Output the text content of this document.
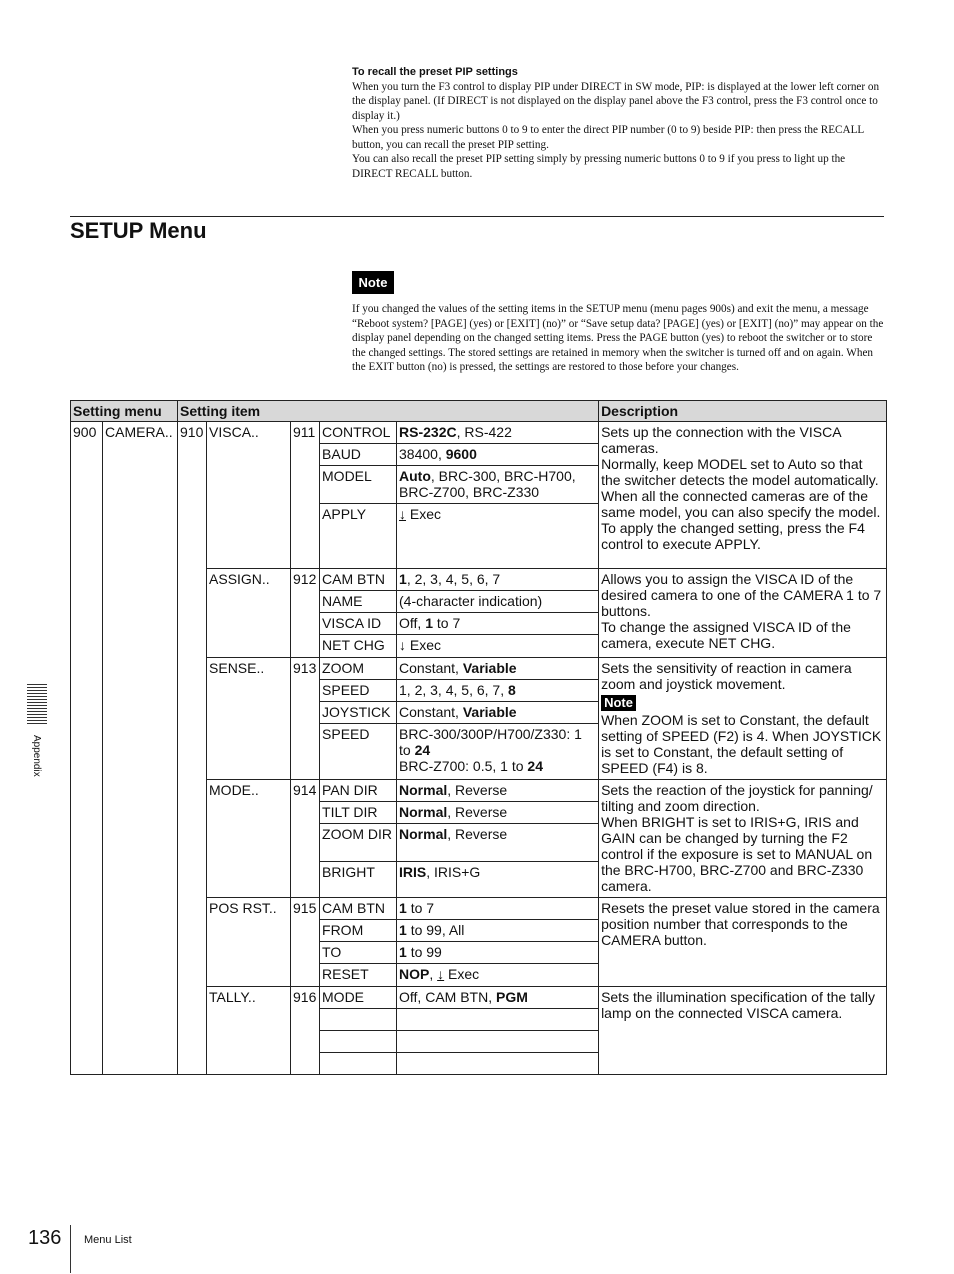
To recall the preset PIP settings
When you turn the F3 control to display PIP under DIRECT in SW mode, PIP: is displayed at the lower left corner on the display panel. (If DIRECT is not displayed on the display panel above the F3 control, press the F3 control once to display it.)
When you press numeric buttons 0 to 9 to enter the direct PIP number (0 to 9) beside PIP: then press the RECALL button, you can recall the preset PIP setting.
You can also recall the preset PIP setting simply by pressing numeric buttons 0 to 9 if you press to light up the DIRECT RECALL button.
SETUP Menu
Note
If you changed the values of the setting items in the SETUP menu (menu pages 900s) and exit the menu, a message “Reboot system? [PAGE] (yes) or [EXIT] (no)” or “Save setup data? [PAGE] (yes) or [EXIT] (no)” may appear on the display panel depending on the changed setting items. Press the PAGE button (yes) to reboot the switcher or to store the changed settings. The stored settings are retained in memory when the switcher is turned off and on again. When the EXIT button (no) is pressed, the settings are restored to those before your changes.
Setting menu		Setting item					Description
900	CAMERA..	910	VISCA..	911	CONTROL	RS-232C, RS-422	Sets up the connection with the VISCA cameras.
Normally, keep MODEL set to Auto so that the switcher detects the model automatically. When all the connected cameras are of the same model, you can also specify the model.
To apply the changed setting, press the F4 control to execute APPLY.
					BAUD	38400, 9600	
					MODEL	Auto, BRC-300, BRC-H700, BRC-Z700, BRC-Z330	
					APPLY	↓ Exec	
			ASSIGN..	912	CAM BTN	1, 2, 3, 4, 5, 6, 7	Allows you to assign the VISCA ID of the desired camera to one of the CAMERA 1 to 7 buttons.
To change the assigned VISCA ID of the camera, execute NET CHG.
					NAME	(4-character indication)	
					VISCA ID	Off, 1 to 7	
					NET CHG	↓ Exec	
			SENSE..	913	ZOOM	Constant, Variable	Sets the sensitivity of reaction in camera zoom and joystick movement.
Note
When ZOOM is set to Constant, the default setting of SPEED (F2) is 4. When JOYSTICK is set to Constant, the default setting of SPEED (F4) is 8.

					SPEED	1, 2, 3, 4, 5, 6, 7, 8	
					JOYSTICK	Constant, Variable	
					SPEED	BRC-300/300P/H700/Z330: 1 to 24
BRC-Z700: 0.5, 1 to 24	
			MODE..	914	PAN DIR	Normal, Reverse	Sets the reaction of the joystick for panning/ tilting and zoom direction.
When BRIGHT is set to IRIS+G, IRIS and GAIN can be changed by turning the F2 control if the exposure is set to MANUAL on the BRC-H700, BRC-Z700 and BRC-Z330 camera.
					TILT DIR	Normal, Reverse	
					ZOOM DIR	Normal, Reverse	
					BRIGHT	IRIS, IRIS+G	
			POS RST..	915	CAM BTN	1 to 7	Resets the preset value stored in the camera position number that corresponds to the CAMERA button.
					FROM	1 to 99, All	
					TO	1 to 99	
					RESET	NOP, ↓ Exec	
			TALLY..	916	MODE	Off, CAM BTN, PGM	Sets the illumination specification of the tally lamp on the connected VISCA camera.

Appendix
136 Menu List
